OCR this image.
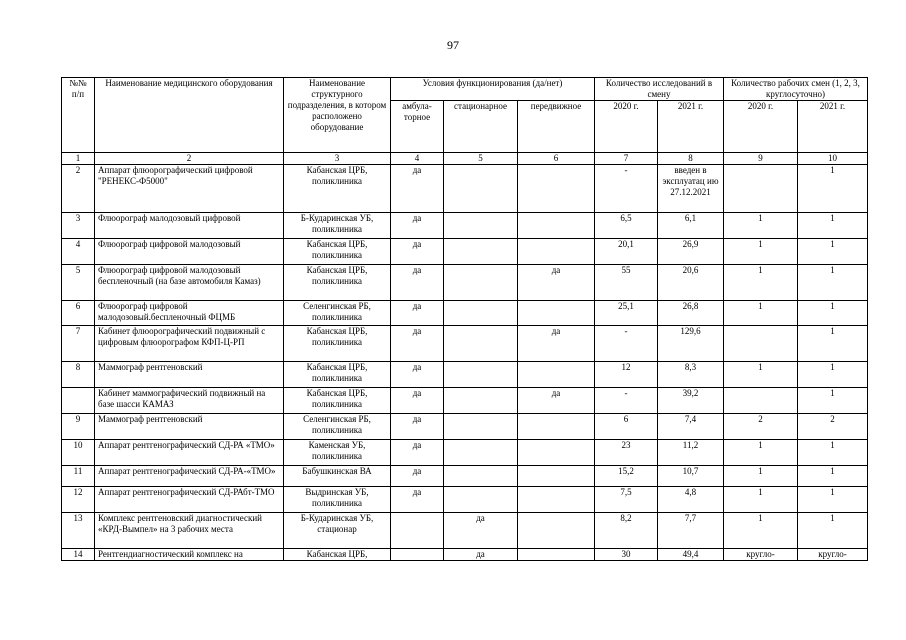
97
№№ п/п	Наименование медицинского оборудования	Наименование структурного подразделения, в котором расположено оборудование	Условия функционирования (да/нет)			Количество исследований в смену		Количество рабочих смен (1, 2, 3, круглосуточно)	
			амбула-торное	стационарное	передвижное	2020 г.	2021 г.	2020 г.	2021 г.
1	2	3	4	5	6	7	8	9	10
2	Аппарат флюорографический цифровой "РЕНЕКС-Ф5000"	Кабанская ЦРБ, поликлиника	да			-	введен в эксплуатац ию 27.12.2021		1
3	Флюорограф малодозовый цифровой	Б-Кударинская УБ, поликлиника	да			6,5	6,1	1	1
4	Флюорограф цифровой малодозовый	Кабанская ЦРБ, поликлиника	да			20,1	26,9	1	1
5	Флюорограф цифровой малодозовый беспленочный (на базе автомобиля Камаз)	Кабанская ЦРБ, поликлиника	да		да	55	20,6	1	1
6	Флюорограф цифровой малодозовый.беспленочный ФЦМБ	Селенгинская РБ, поликлиника	да			25,1	26,8	1	1
7	Кабинет флюорографический подвижный с цифровым флюорографом КФП-Ц-РП	Кабанская ЦРБ, поликлиника	да		да	-	129,6		1
8	Маммограф рентгеновский	Кабанская ЦРБ, поликлиника	да			12	8,3	1	1
	Кабинет маммографический подвижный на базе шасси КАМАЗ	Кабанская ЦРБ, поликлиника	да		да	-	39,2		1
9	Маммограф рентгеновский	Селенгинская РБ, поликлиника	да			6	7,4	2	2
10	Аппарат рентгенографический СД-РА «ТМО»	Каменская УБ, поликлиника	да			23	11,2	1	1
11	Аппарат рентгенографический СД-РА-«ТМО»	Бабушкинская ВА	да			15,2	10,7	1	1
12	Аппарат рентгенографический СД-РАбт-ТМО	Выдринская УБ, поликлиника	да			7,5	4,8	1	1
13	Комплекс рентгеновский диагностический «КРД-Вымпел» на 3 рабочих места	Б-Кударинская УБ, стационар		да		8,2	7,7	1	1
14	Рентгендиагностический комплекс на	Кабанская ЦРБ,		да		30	49,4	кругло-	кругло-
